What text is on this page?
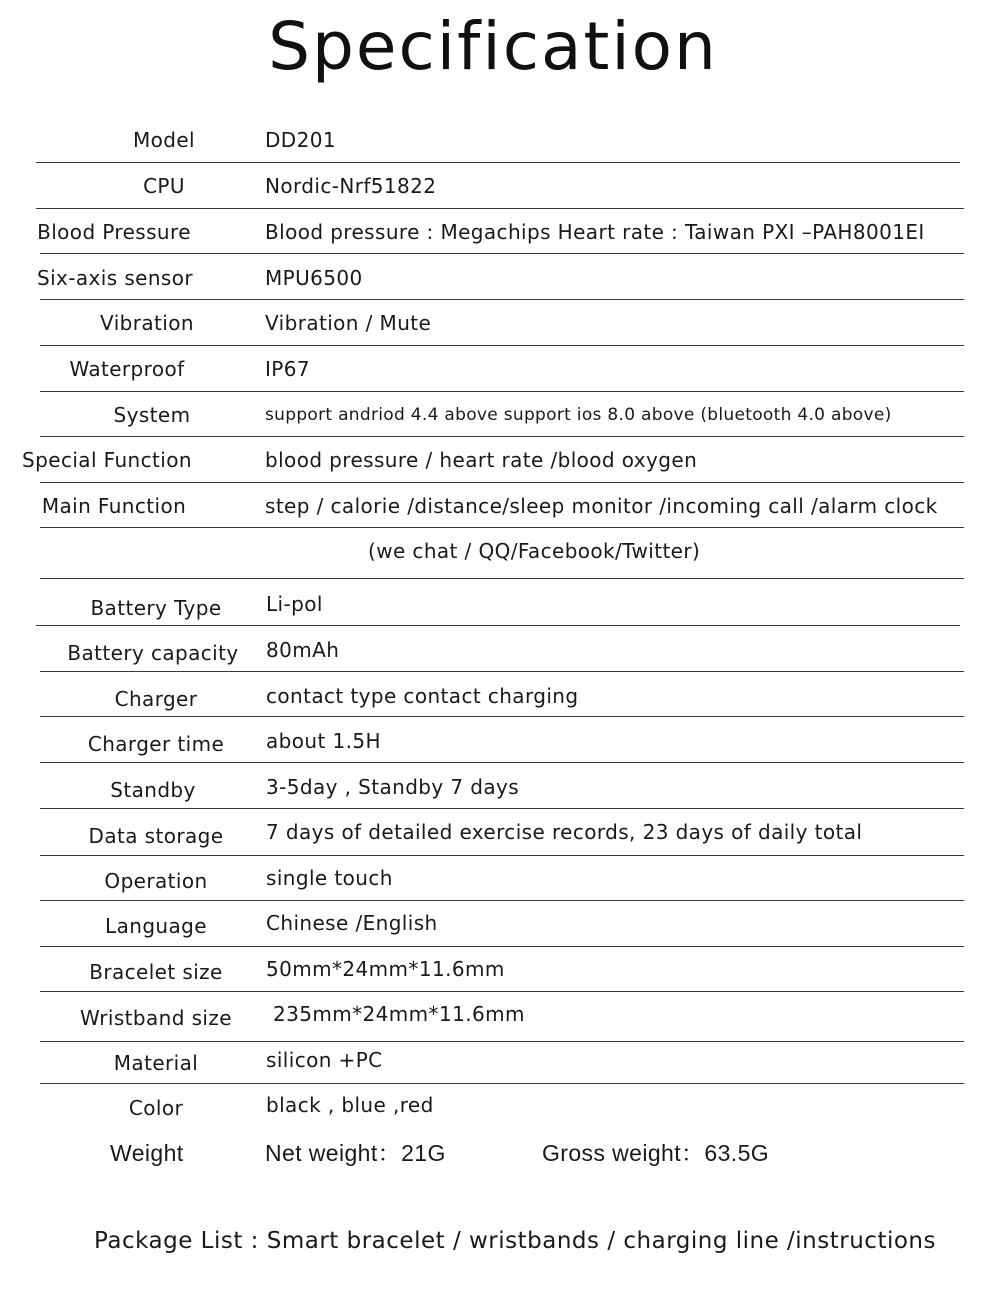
Specification
Model	DD201
CPU	Nordic-Nrf51822
Blood Pressure	Blood pressure : Megachips Heart rate : Taiwan PXI –PAH8001EI
Six-axis sensor	MPU6500
Vibration	Vibration / Mute
Waterproof	IP67
System	support andriod 4.4 above support ios 8.0 above (bluetooth 4.0 above)
Special Function	blood pressure / heart rate /blood oxygen
Main Function	step / calorie /distance/sleep monitor /incoming call /alarm clock
(we chat / QQ/Facebook/Twitter)
Battery Type	Li-pol
Battery capacity	80mAh
Charger	contact type contact charging
Charger time	about 1.5H
Standby	3-5day , Standby 7 days
Data storage	7 days of detailed exercise records, 23 days of daily total
Operation	single touch
Language	Chinese /English
Bracelet size	50mm*24mm*11.6mm
Wristband size	235mm*24mm*11.6mm
Material	silicon +PC
Color	black , blue ,red
Weight	Net weight：21G	Gross weight：63.5G
Package List : Smart bracelet / wristbands / charging line /instructions
